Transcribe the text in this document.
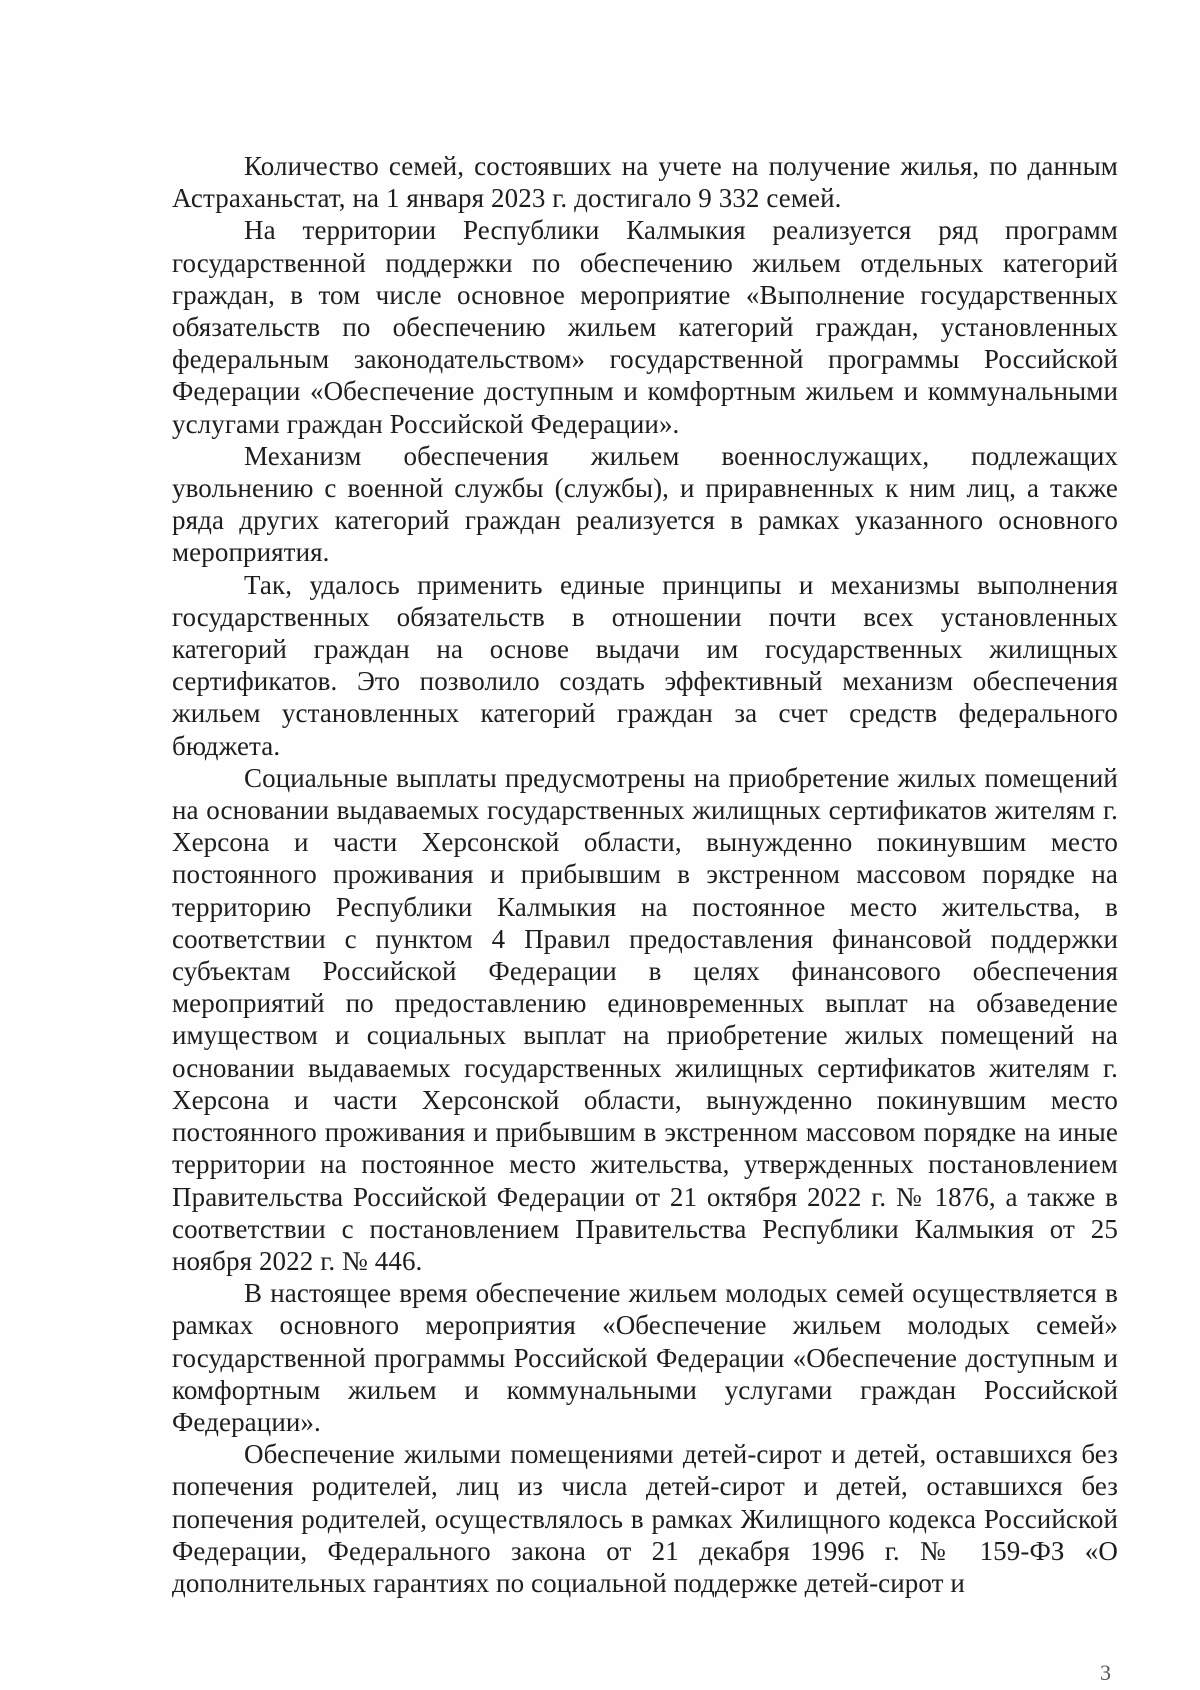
Количество семей, состоявших на учете на получение жилья, по данным Астраханьстат, на 1 января 2023 г. достигало 9 332 семей.

На территории Республики Калмыкия реализуется ряд программ государственной поддержки по обеспечению жильем отдельных категорий граждан, в том числе основное мероприятие «Выполнение государственных обязательств по обеспечению жильем категорий граждан, установленных федеральным законодательством» государственной программы Российской Федерации «Обеспечение доступным и комфортным жильем и коммунальными услугами граждан Российской Федерации».

Механизм обеспечения жильем военнослужащих, подлежащих увольнению с военной службы (службы), и приравненных к ним лиц, а также ряда других категорий граждан реализуется в рамках указанного основного мероприятия.

Так, удалось применить единые принципы и механизмы выполнения государственных обязательств в отношении почти всех установленных категорий граждан на основе выдачи им государственных жилищных сертификатов. Это позволило создать эффективный механизм обеспечения жильем установленных категорий граждан за счет средств федерального бюджета.

Социальные выплаты предусмотрены на приобретение жилых помещений на основании выдаваемых государственных жилищных сертификатов жителям г. Херсона и части Херсонской области, вынужденно покинувшим место постоянного проживания и прибывшим в экстренном массовом порядке на территорию Республики Калмыкия на постоянное место жительства, в соответствии с пунктом 4 Правил предоставления финансовой поддержки субъектам Российской Федерации в целях финансового обеспечения мероприятий по предоставлению единовременных выплат на обзаведение имуществом и социальных выплат на приобретение жилых помещений на основании выдаваемых государственных жилищных сертификатов жителям г. Херсона и части Херсонской области, вынужденно покинувшим место постоянного проживания и прибывшим в экстренном массовом порядке на иные территории на постоянное место жительства, утвержденных постановлением Правительства Российской Федерации от 21 октября 2022 г. № 1876, а также в соответствии с постановлением Правительства Республики Калмыкия от 25 ноября 2022 г. № 446.

В настоящее время обеспечение жильем молодых семей осуществляется в рамках основного мероприятия «Обеспечение жильем молодых семей» государственной программы Российской Федерации «Обеспечение доступным и комфортным жильем и коммунальными услугами граждан Российской Федерации».

Обеспечение жилыми помещениями детей-сирот и детей, оставшихся без попечения родителей, лиц из числа детей-сирот и детей, оставшихся без попечения родителей, осуществлялось в рамках Жилищного кодекса Российской Федерации, Федерального закона от 21 декабря 1996 г. № 159-ФЗ «О дополнительных гарантиях по социальной поддержке детей-сирот и

3
